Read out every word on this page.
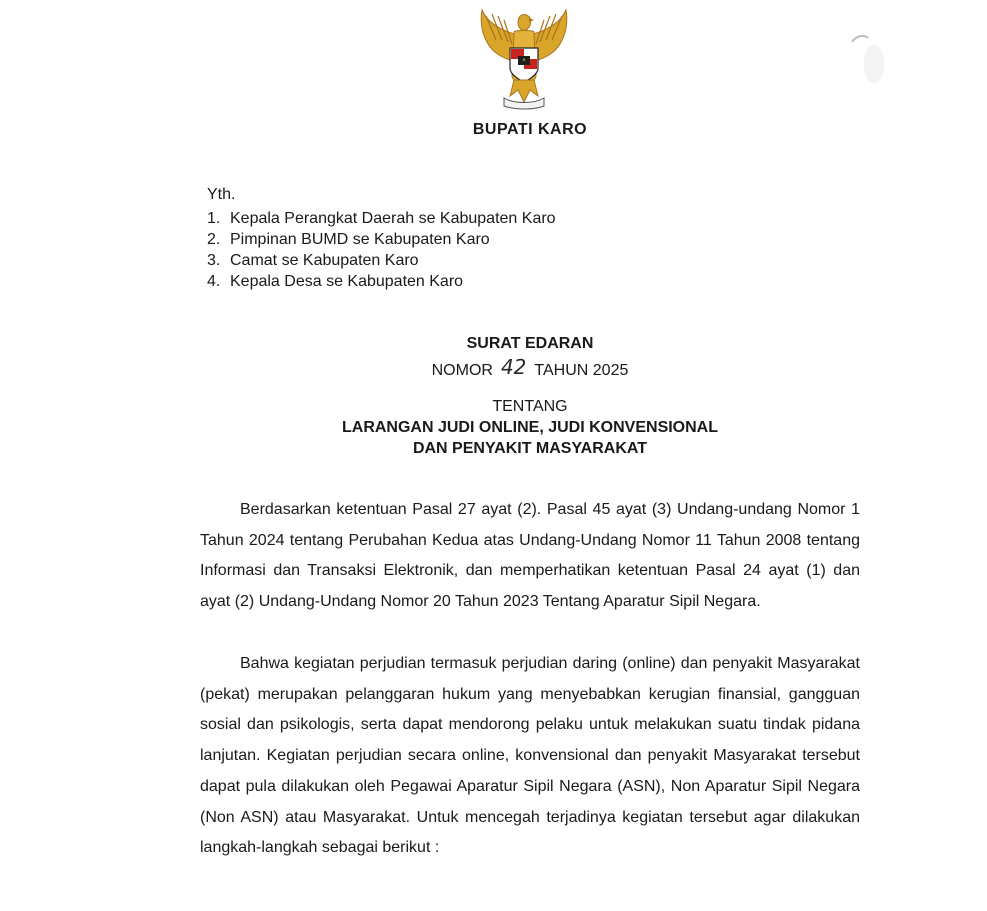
BUPATI KARO
Yth.
1. Kepala Perangkat Daerah se Kabupaten Karo
2. Pimpinan BUMD se Kabupaten Karo
3. Camat se Kabupaten Karo
4. Kepala Desa se Kabupaten Karo
SURAT EDARAN
NOMOR 42 TAHUN 2025
TENTANG
LARANGAN JUDI ONLINE, JUDI KONVENSIONAL
DAN PENYAKIT MASYARAKAT

Berdasarkan ketentuan Pasal 27 ayat (2). Pasal 45 ayat (3) Undang-undang Nomor 1 Tahun 2024 tentang Perubahan Kedua atas Undang-Undang Nomor 11 Tahun 2008 tentang Informasi dan Transaksi Elektronik, dan memperhatikan ketentuan Pasal 24 ayat (1) dan ayat (2) Undang-Undang Nomor 20 Tahun 2023 Tentang Aparatur Sipil Negara.

Bahwa kegiatan perjudian termasuk perjudian daring (online) dan penyakit Masyarakat (pekat) merupakan pelanggaran hukum yang menyebabkan kerugian finansial, gangguan sosial dan psikologis, serta dapat mendorong pelaku untuk melakukan suatu tindak pidana lanjutan. Kegiatan perjudian secara online, konvensional dan penyakit Masyarakat tersebut dapat pula dilakukan oleh Pegawai Aparatur Sipil Negara (ASN), Non Aparatur Sipil Negara (Non ASN) atau Masyarakat. Untuk mencegah terjadinya kegiatan tersebut agar dilakukan langkah-langkah sebagai berikut :
